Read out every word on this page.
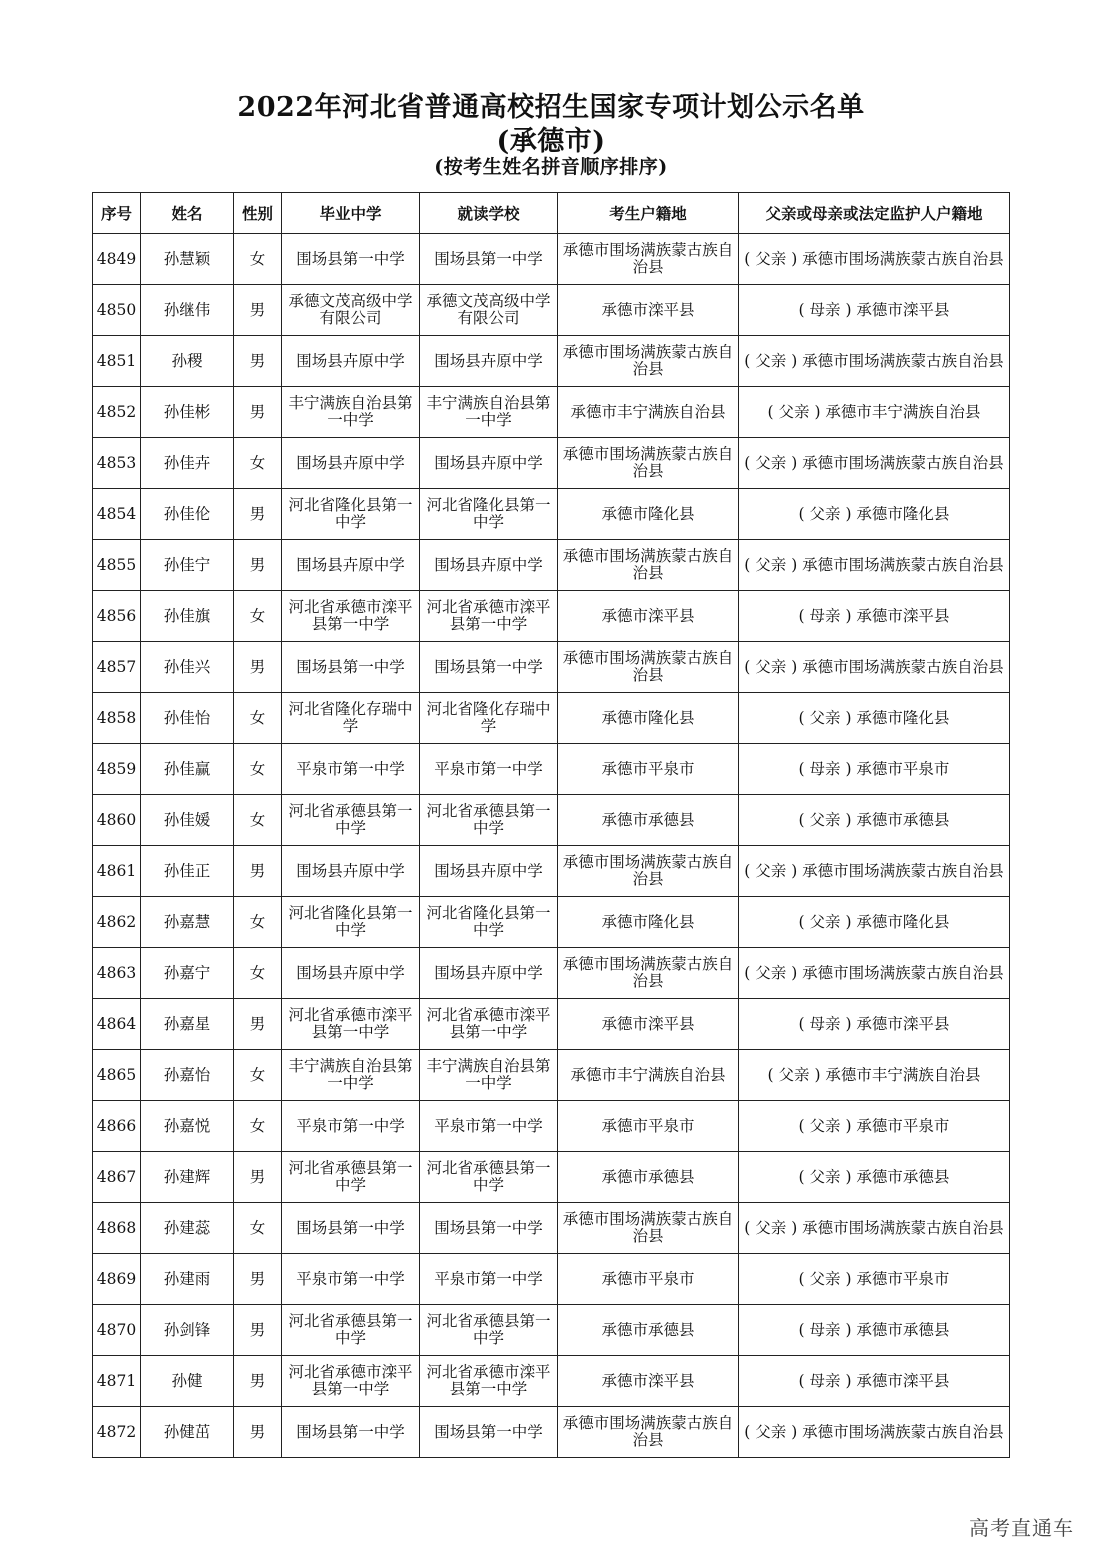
2022年河北省普通高校招生国家专项计划公示名单
(承德市)
(按考生姓名拼音顺序排序)
序号	姓名	性别	毕业中学	就读学校	考生户籍地	父亲或母亲或法定监护人户籍地
4849	孙慧颖	女	围场县第一中学	围场县第一中学	承德市围场满族蒙古族自治县	( 父亲 ) 承德市围场满族蒙古族自治县
4850	孙继伟	男	承德文茂高级中学有限公司	承德文茂高级中学有限公司	承德市滦平县	( 母亲 ) 承德市滦平县
4851	孙稷	男	围场县卉原中学	围场县卉原中学	承德市围场满族蒙古族自治县	( 父亲 ) 承德市围场满族蒙古族自治县
4852	孙佳彬	男	丰宁满族自治县第一中学	丰宁满族自治县第一中学	承德市丰宁满族自治县	( 父亲 ) 承德市丰宁满族自治县
4853	孙佳卉	女	围场县卉原中学	围场县卉原中学	承德市围场满族蒙古族自治县	( 父亲 ) 承德市围场满族蒙古族自治县
4854	孙佳伦	男	河北省隆化县第一中学	河北省隆化县第一中学	承德市隆化县	( 父亲 ) 承德市隆化县
4855	孙佳宁	男	围场县卉原中学	围场县卉原中学	承德市围场满族蒙古族自治县	( 父亲 ) 承德市围场满族蒙古族自治县
4856	孙佳旗	女	河北省承德市滦平县第一中学	河北省承德市滦平县第一中学	承德市滦平县	( 母亲 ) 承德市滦平县
4857	孙佳兴	男	围场县第一中学	围场县第一中学	承德市围场满族蒙古族自治县	( 父亲 ) 承德市围场满族蒙古族自治县
4858	孙佳怡	女	河北省隆化存瑞中学	河北省隆化存瑞中学	承德市隆化县	( 父亲 ) 承德市隆化县
4859	孙佳赢	女	平泉市第一中学	平泉市第一中学	承德市平泉市	( 母亲 ) 承德市平泉市
4860	孙佳媛	女	河北省承德县第一中学	河北省承德县第一中学	承德市承德县	( 父亲 ) 承德市承德县
4861	孙佳正	男	围场县卉原中学	围场县卉原中学	承德市围场满族蒙古族自治县	( 父亲 ) 承德市围场满族蒙古族自治县
4862	孙嘉慧	女	河北省隆化县第一中学	河北省隆化县第一中学	承德市隆化县	( 父亲 ) 承德市隆化县
4863	孙嘉宁	女	围场县卉原中学	围场县卉原中学	承德市围场满族蒙古族自治县	( 父亲 ) 承德市围场满族蒙古族自治县
4864	孙嘉星	男	河北省承德市滦平县第一中学	河北省承德市滦平县第一中学	承德市滦平县	( 母亲 ) 承德市滦平县
4865	孙嘉怡	女	丰宁满族自治县第一中学	丰宁满族自治县第一中学	承德市丰宁满族自治县	( 父亲 ) 承德市丰宁满族自治县
4866	孙嘉悦	女	平泉市第一中学	平泉市第一中学	承德市平泉市	( 父亲 ) 承德市平泉市
4867	孙建辉	男	河北省承德县第一中学	河北省承德县第一中学	承德市承德县	( 父亲 ) 承德市承德县
4868	孙建蕊	女	围场县第一中学	围场县第一中学	承德市围场满族蒙古族自治县	( 父亲 ) 承德市围场满族蒙古族自治县
4869	孙建雨	男	平泉市第一中学	平泉市第一中学	承德市平泉市	( 父亲 ) 承德市平泉市
4870	孙剑锋	男	河北省承德县第一中学	河北省承德县第一中学	承德市承德县	( 母亲 ) 承德市承德县
4871	孙健	男	河北省承德市滦平县第一中学	河北省承德市滦平县第一中学	承德市滦平县	( 母亲 ) 承德市滦平县
4872	孙健茁	男	围场县第一中学	围场县第一中学	承德市围场满族蒙古族自治县	( 父亲 ) 承德市围场满族蒙古族自治县
高考直通车
